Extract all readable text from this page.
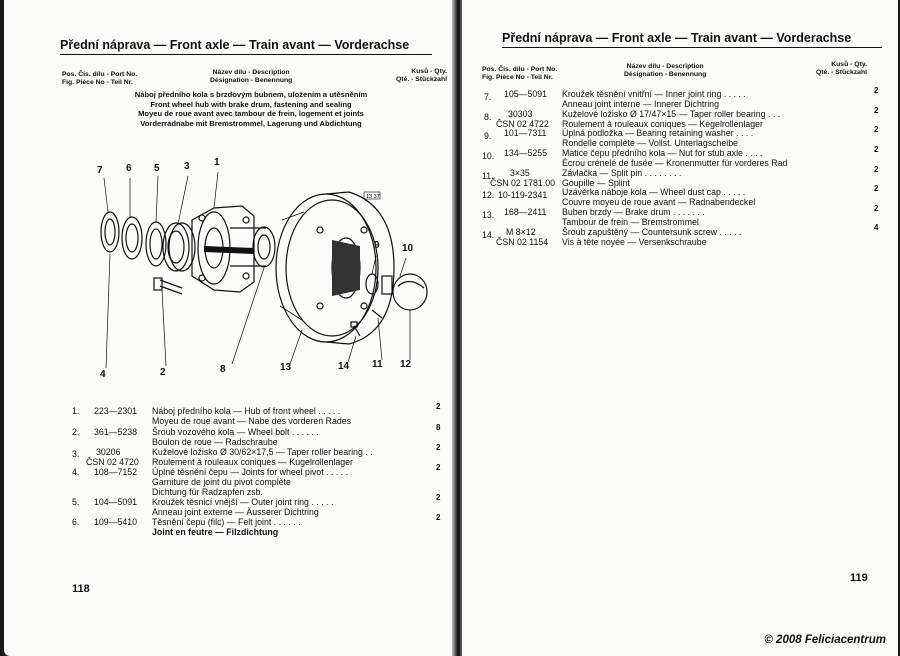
Přední náprava — Front axle — Train avant — Vorderachse
Pos. Čís. dílu - Port No.
Fig. Pièce No - Teil Nr.
Název dílu - Description
Désignation - Benennung
Kusů - Qty.
Qté. - Stückzahl
Náboj předního kola s brzdovým bubnem, uložením a utěsněním
Front wheel hub with brake drum, fastening and sealing
Moyeu de roue avant avec tambour de frein, logement et joints
Vorderradnabe mit Bremstrommel, Lagerung und Abdichtung
13 37
7 6 5 3 1
9 10
4	2	8	13	14 11 12
1. 223—2301 Náboj předního kola — Hub of front wheel . . . . .
Moyeu de roue avant — Nabe des vorderen Rades
2
2. 361—5238 Šroub vozového kola — Wheel bolt . . . . . .
Boulon de roue — Radschraube
8
3.	30206
ČSN 02 4720
Kuželové ložisko Ø 30/62×17,5 — Taper roller bearing . .
Roulement à rouleaux coniques — Kugelrollenlager
2
4. 108—7152 Úplné těsnění čepu — Joints for wheel pivot . . . . .
Garniture de joint du pivot complète
Dichtung für Radzapfen zsb.
2
5. 104—5091 Kroužek těsnicí vnější — Outer joint ring . . . . .
Anneau joint externe — Äusserer Dichtring
2
6. 109—5410 Těsnění čepu (filc) — Felt joint . . . . . .
Joint en feutre — Filzdichtung
2
118
Přední náprava — Front axle — Train avant — Vorderachse
Pos. Čís. dílu - Port No.
Fig. Pièce No - Teil Nr.
Název dílu - Description
Désignation - Benennung
Kusů - Qty.
Qté. - Stückzahl
7. 105—5091 Kroužek těsnění vnitřní — Inner joint ring . . . . .
Anneau joint interne — Innerer Dichtring
2
8.	30303
ČSN 02 4722
Kuželové ložisko Ø 17/47×15 — Taper roller bearing . . .
Roulement à rouleaux coniques — Kegelrollenlager
2
9. 101—7311 Úplná podložka — Bearing retaining washer . . . .
Rondelle complète — Vollst. Unterlagscheibe
2
10. 134—5255 Matice čepu předního kola — Nut for stub axle . . . .
Écrou crénelé de fusée — Kronenmutter für vorderes Rad
2
11.	3×35
ČSN 02 1781.00
Závlačka — Split pin . . . . . . . .
Goupille — Splint
2
12. 10-119-2341 Uzávěrka náboje kola — Wheel dust cap . . . . .
Couvre moyeu de roue avant — Radnabendeckel
2
13. 168—2411 Buben brzdy — Brake drum . . . . . . .
Tambour de frein — Bremstrommel
2
14.	M 8×12
ČSN 02 1154
Šroub zapuštěný — Countersunk screw . . . . .
Vis à tête noyée — Versenkschraube
4
119
© 2008 Feliciacentrum
